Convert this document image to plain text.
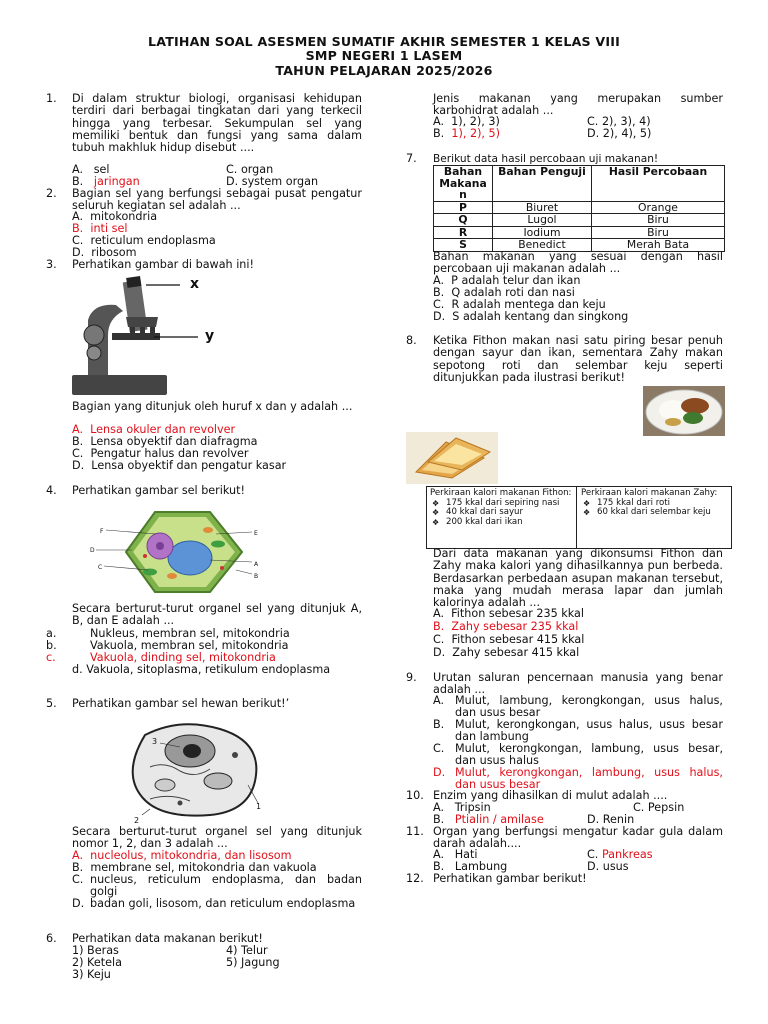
LATIHAN SOAL ASESMEN SUMATIF AKHIR SEMESTER 1 KELAS VIII
SMP NEGERI 1 LASEM
TAHUN PELAJARAN 2025/2026
1. Di dalam struktur biologi, organisasi kehidupan terdiri dari berbagai tingkatan dari yang terkecil hingga yang terbesar. Sekumpulan sel yang memiliki bentuk dan fungsi yang sama dalam tubuh makhluk hidup disebut ....
A. sel	C. organ
B. jaringan	D. system organ
2. Bagian sel yang berfungsi sebagai pusat pengatur seluruh kegiatan sel adalah ...
A. mitokondria
B. inti sel
C. reticulum endoplasma
D. ribosom
3. Perhatikan gambar di bawah ini!
x
y
Bagian yang ditunjuk oleh huruf x dan y adalah ...
A. Lensa okuler dan revolver
B. Lensa obyektif dan diafragma
C. Pengatur halus dan revolver
D. Lensa obyektif dan pengatur kasar
4. Perhatikan gambar sel berikut!
F
D
C
E
A
B
Secara berturut-turut organel sel yang ditunjuk A, B, dan E adalah ...
a.	Nukleus, membran sel, mitokondria
b.	Vakuola, membran sel, mitokondria
c.	Vakuola, dinding sel, mitokondria
d. Vakuola, sitoplasma, retikulum endoplasma
5. Perhatikan gambar sel hewan berikut!’
3
1
2
Secara berturut-turut organel sel yang ditunjuk nomor 1, 2, dan 3 adalah ...
A. nucleolus, mitokondria, dan lisosom
B. membrane sel, mitokondria dan vakuola
C. nucleus, reticulum endoplasma, dan badan golgi
D. badan goli, lisosom, dan reticulum endoplasma
6. Perhatikan data makanan berikut!
1) Beras
2) Ketela
3) Keju
4) Telur
5) Jagung
Jenis makanan yang merupakan sumber karbohidrat adalah ...
A. 1), 2), 3)	C. 2), 3), 4)
B. 1), 2), 5)	D. 2), 4), 5)
7. Berikut data hasil percobaan uji makanan!
Bahan Makana n	Bahan Penguji	Hasil Percobaan
P	Biuret	Orange
Q	Lugol	Biru
R	Iodium	Biru
S	Benedict	Merah Bata
Bahan makanan yang sesuai dengan hasil percobaan uji makanan adalah ...
A. P adalah telur dan ikan
B. Q adalah roti dan nasi
C. R adalah mentega dan keju
D. S adalah kentang dan singkong
8. Ketika Fithon makan nasi satu piring besar penuh dengan sayur dan ikan, sementara Zahy makan sepotong roti dan selembar keju seperti ditunjukkan pada ilustrasi berikut!
Perkiraan kalori makanan Fithon:
❖ 175 kkal dari sepiring nasi
❖ 40 kkal dari sayur
❖ 200 kkal dari ikan
Perkiraan kalori makanan Zahy:
❖ 175 kkal dari roti
❖ 60 kkal dari selembar keju
Dari data makanan yang dikonsumsi Fithon dan Zahy maka kalori yang dihasilkannya pun berbeda. Berdasarkan perbedaan asupan makanan tersebut, maka yang mudah merasa lapar dan jumlah kalorinya adalah ...
A. Fithon sebesar 235 kkal
B. Zahy sebesar 235 kkal
C. Fithon sebesar 415 kkal
D. Zahy sebesar 415 kkal
9. Urutan saluran pencernaan manusia yang benar adalah ...
A. Mulut, lambung, kerongkongan, usus halus, dan usus besar
B. Mulut, kerongkongan, usus halus, usus besar dan lambung
C. Mulut, kerongkongan, lambung, usus besar, dan usus halus
D. Mulut, kerongkongan, lambung, usus halus, dan usus besar
10. Enzim yang dihasilkan di mulut adalah ....
A. Tripsin	C. Pepsin
B. Ptialin / amilase	D. Renin
11. Organ yang berfungsi mengatur kadar gula dalam darah adalah....
A. Hati	C. Pankreas
B. Lambung	D. usus
12. Perhatikan gambar berikut!
